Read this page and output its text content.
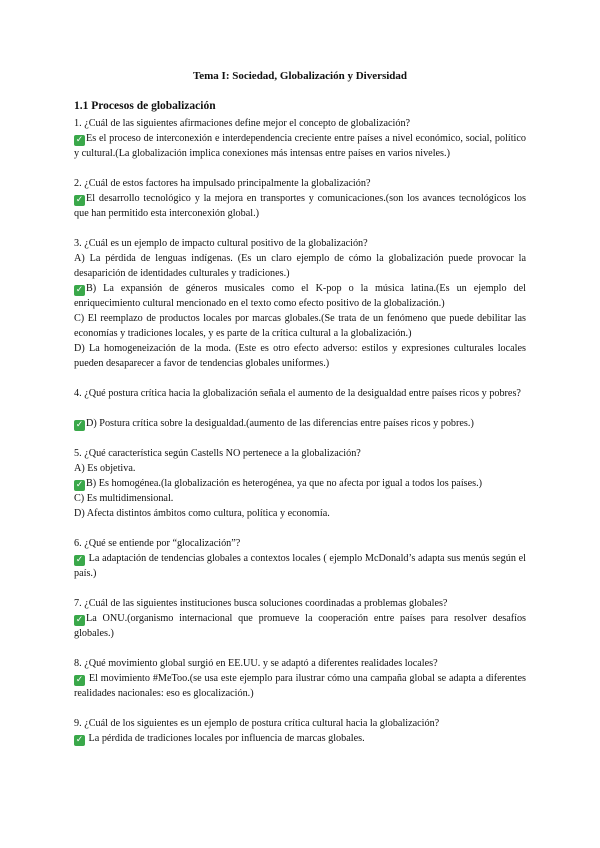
Tema I: Sociedad, Globalización y Diversidad
1.1 Procesos de globalización

1. ¿Cuál de las siguientes afirmaciones define mejor el concepto de globalización?

✓ Es el proceso de interconexión e interdependencia creciente entre países a nivel económico, social, político y cultural.(La globalización implica conexiones más intensas entre países en varios niveles.)

2. ¿Cuál de estos factores ha impulsado principalmente la globalización?

✓ El desarrollo tecnológico y la mejora en transportes y comunicaciones.(son los avances tecnológicos los que han permitido esta interconexión global.)

3. ¿Cuál es un ejemplo de impacto cultural positivo de la globalización?

A) La pérdida de lenguas indígenas. (Es un claro ejemplo de cómo la globalización puede provocar la desaparición de identidades culturales y tradiciones.)

✓ B) La expansión de géneros musicales como el K-pop o la música latina.(Es un ejemplo del enriquecimiento cultural mencionado en el texto como efecto positivo de la globalización.)

C) El reemplazo de productos locales por marcas globales.(Se trata de un fenómeno que puede debilitar las economías y tradiciones locales, y es parte de la crítica cultural a la globalización.)

D) La homogeneización de la moda. (Este es otro efecto adverso: estilos y expresiones culturales locales pueden desaparecer a favor de tendencias globales uniformes.)

4. ¿Qué postura crítica hacia la globalización señala el aumento de la desigualdad entre países ricos y pobres?

✓ D) Postura crítica sobre la desigualdad.(aumento de las diferencias entre países ricos y pobres.)

5. ¿Qué característica según Castells NO pertenece a la globalización?

A) Es objetiva.

✓ B) Es homogénea.(la globalización es heterogénea, ya que no afecta por igual a todos los países.)

C) Es multidimensional.

D) Afecta distintos ámbitos como cultura, política y economía.

6. ¿Qué se entiende por “glocalización”?

✓ La adaptación de tendencias globales a contextos locales ( ejemplo McDonald’s adapta sus menús según el país.)

7. ¿Cuál de las siguientes instituciones busca soluciones coordinadas a problemas globales?

✓ La ONU.(organismo internacional que promueve la cooperación entre países para resolver desafíos globales.)

8. ¿Qué movimiento global surgió en EE.UU. y se adaptó a diferentes realidades locales?

✓ El movimiento #MeToo.(se usa este ejemplo para ilustrar cómo una campaña global se adapta a diferentes realidades nacionales: eso es glocalización.)

9. ¿Cuál de los siguientes es un ejemplo de postura crítica cultural hacia la globalización?

✓ La pérdida de tradiciones locales por influencia de marcas globales.
